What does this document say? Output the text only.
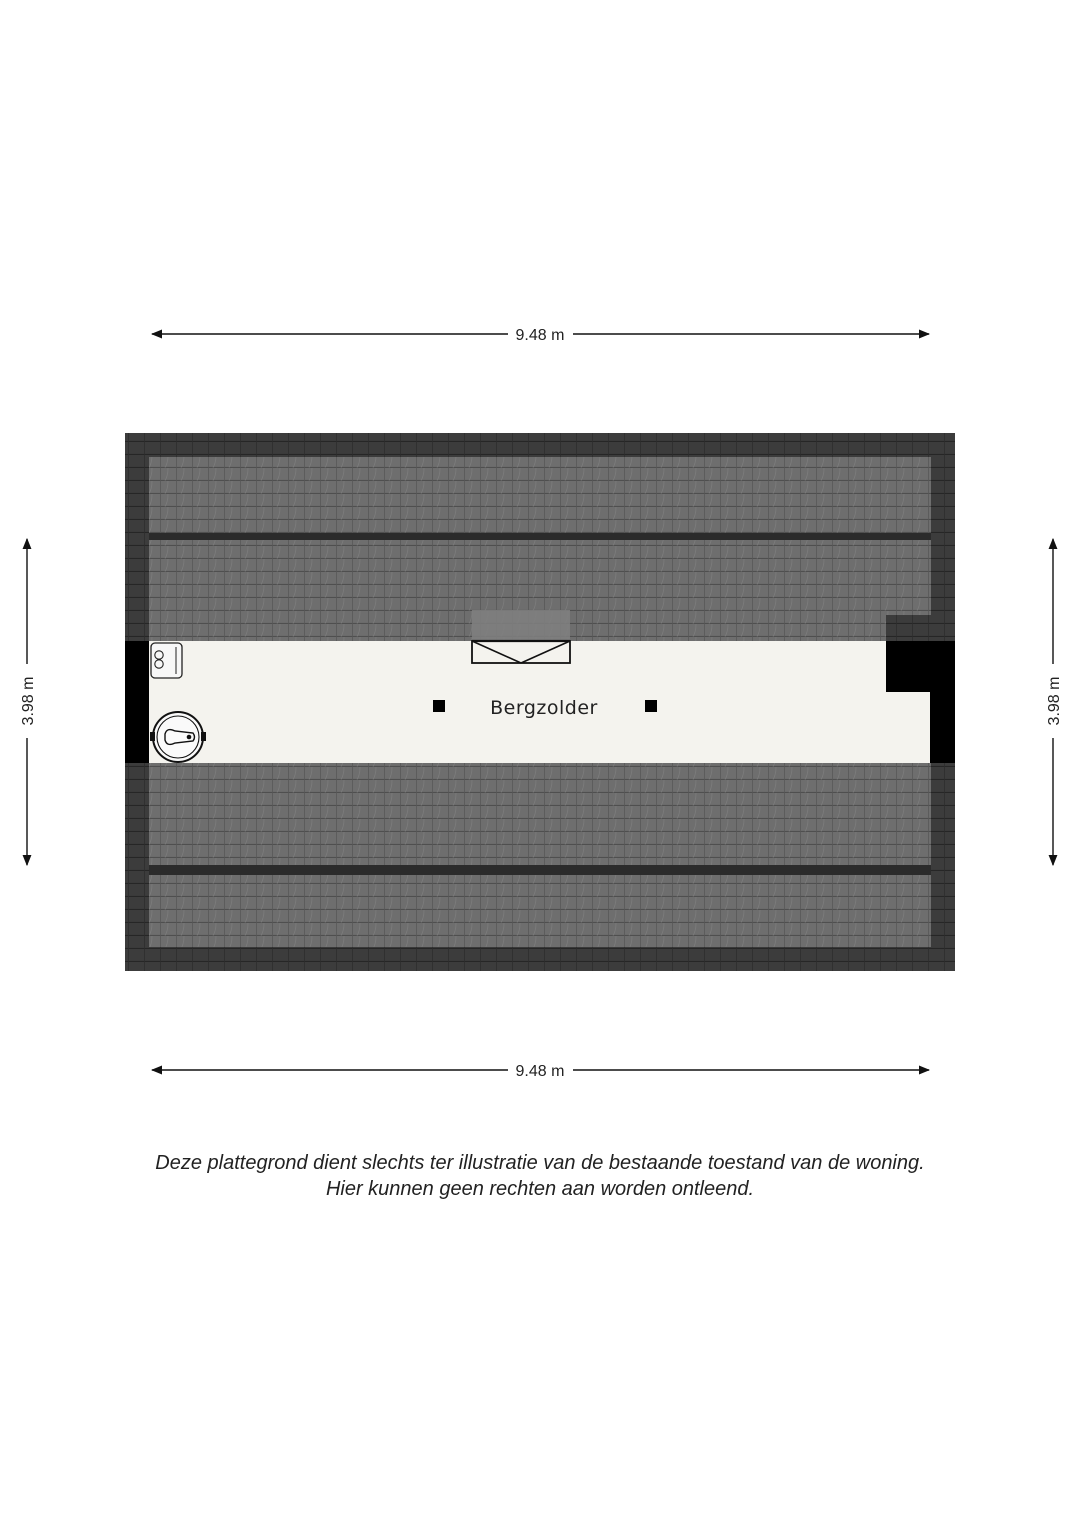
9.48 m
9.48 m
3.98 m	3.98 m
Bergzolder
Deze plattegrond dient slechts ter illustratie van de bestaande toestand van de woning.
Hier kunnen geen rechten aan worden ontleend.
